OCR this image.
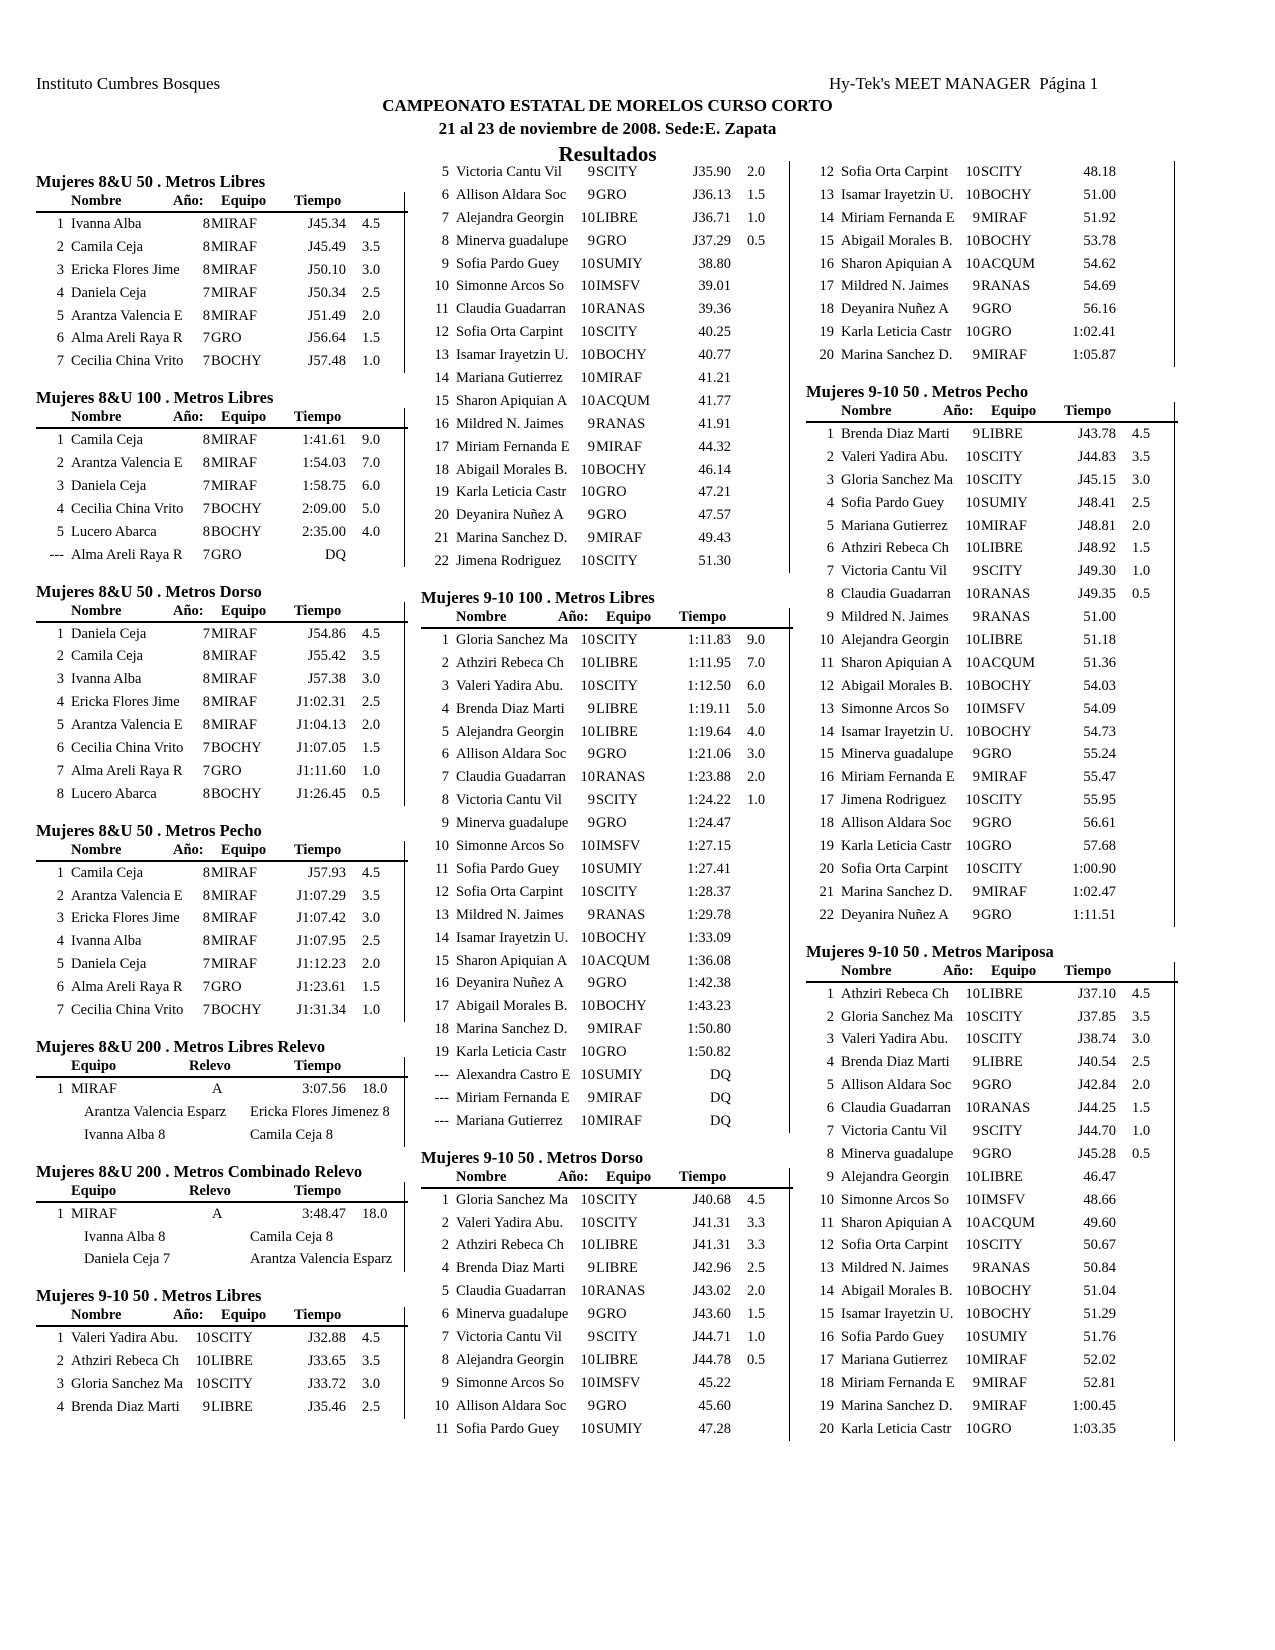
Instituto Cumbres Bosques	Hy-Tek's MEET MANAGER  Página 1
CAMPEONATO ESTATAL DE MORELOS CURSO CORTO
21 al 23 de noviembre de 2008. Sede:E. Zapata
Resultados
Mujeres 8&U 50 . Metros Libres
Nombre	Año: Equipo Tiempo
1 Ivanna Alba	8 MIRAF	J45.34 4.5
2 Camila Ceja	8 MIRAF	J45.49 3.5
3 Ericka Flores Jime	8 MIRAF	J50.10 3.0
4 Daniela Ceja	7 MIRAF	J50.34 2.5
5 Arantza Valencia E	8 MIRAF	J51.49 2.0
6 Alma Areli Raya R	7 GRO	J56.64 1.5
7 Cecilia China Vrito	7 BOCHY	J57.48 1.0
Mujeres 8&U 100 . Metros Libres
Nombre	Año: Equipo Tiempo
1 Camila Ceja	8 MIRAF	1:41.61 9.0
2 Arantza Valencia E	8 MIRAF	1:54.03 7.0
3 Daniela Ceja	7 MIRAF	1:58.75 6.0
4 Cecilia China Vrito	7 BOCHY	2:09.00 5.0
5 Lucero Abarca	8 BOCHY	2:35.00 4.0
--- Alma Areli Raya R	7 GRO	DQ
Mujeres 8&U 50 . Metros Dorso
Nombre	Año: Equipo Tiempo
1 Daniela Ceja	7 MIRAF	J54.86 4.5
2 Camila Ceja	8 MIRAF	J55.42 3.5
3 Ivanna Alba	8 MIRAF	J57.38 3.0
4 Ericka Flores Jime	8 MIRAF	J1:02.31 2.5
5 Arantza Valencia E	8 MIRAF	J1:04.13 2.0
6 Cecilia China Vrito	7 BOCHY	J1:07.05 1.5
7 Alma Areli Raya R	7 GRO	J1:11.60 1.0
8 Lucero Abarca	8 BOCHY	J1:26.45 0.5
Mujeres 8&U 50 . Metros Pecho
Nombre	Año: Equipo Tiempo
1 Camila Ceja	8 MIRAF	J57.93 4.5
2 Arantza Valencia E	8 MIRAF	J1:07.29 3.5
3 Ericka Flores Jime	8 MIRAF	J1:07.42 3.0
4 Ivanna Alba	8 MIRAF	J1:07.95 2.5
5 Daniela Ceja	7 MIRAF	J1:12.23 2.0
6 Alma Areli Raya R	7 GRO	J1:23.61 1.5
7 Cecilia China Vrito	7 BOCHY	J1:31.34 1.0
Mujeres 8&U 200 . Metros Libres Relevo
Equipo	Relevo	Tiempo
1 MIRAF	A	3:07.56 18.0
Arantza Valencia Esparz	Ericka Flores Jimenez 8
Ivanna Alba 8	Camila Ceja 8
Mujeres 8&U 200 . Metros Combinado Relevo
Equipo	Relevo	Tiempo
1 MIRAF	A	3:48.47 18.0
Ivanna Alba 8	Camila Ceja 8
Daniela Ceja 7	Arantza Valencia Esparz
Mujeres 9-10 50 . Metros Libres
Nombre	Año: Equipo Tiempo
1 Valeri Yadira Abu.	10 SCITY	J32.88 4.5
2 Athziri Rebeca Ch	10 LIBRE	J33.65 3.5
3 Gloria Sanchez Ma 10 SCITY	J33.72 3.0
4 Brenda Diaz Marti	9 LIBRE	J35.46 2.5
5 Victoria Cantu Vil	9 SCITY	J35.90 2.0
6 Allison Aldara Soc	9 GRO	J36.13 1.5
7 Alejandra Georgin	10 LIBRE	J36.71 1.0
8 Minerva guadalupe	9 GRO	J37.29 0.5
9 Sofia Pardo Guey	10 SUMIY	38.80
10 Simonne Arcos So	10 IMSFV	39.01
11 Claudia Guadarran	10 RANAS	39.36
12 Sofia Orta Carpint	10 SCITY	40.25
13 Isamar Irayetzin U. 10 BOCHY	40.77
14 Mariana Gutierrez	10 MIRAF	41.21
15 Sharon Apiquian A 10 ACQUM	41.77
16 Mildred N. Jaimes	9 RANAS	41.91
17 Miriam Fernanda E	9 MIRAF	44.32
18 Abigail Morales B. 10 BOCHY	46.14
19 Karla Leticia Castr 10 GRO	47.21
20 Deyanira Nuñez A	9 GRO	47.57
21 Marina Sanchez D.	9 MIRAF	49.43
22 Jimena Rodriguez	10 SCITY	51.30
Mujeres 9-10 100 . Metros Libres
Nombre	Año: Equipo Tiempo
1 Gloria Sanchez Ma 10 SCITY	1:11.83 9.0
2 Athziri Rebeca Ch	10 LIBRE	1:11.95 7.0
3 Valeri Yadira Abu.	10 SCITY	1:12.50 6.0
4 Brenda Diaz Marti	9 LIBRE	1:19.11 5.0
5 Alejandra Georgin	10 LIBRE	1:19.64 4.0
6 Allison Aldara Soc	9 GRO	1:21.06 3.0
7 Claudia Guadarran	10 RANAS	1:23.88 2.0
8 Victoria Cantu Vil	9 SCITY	1:24.22 1.0
9 Minerva guadalupe	9 GRO	1:24.47
10 Simonne Arcos So	10 IMSFV	1:27.15
11 Sofia Pardo Guey	10 SUMIY	1:27.41
12 Sofia Orta Carpint	10 SCITY	1:28.37
13 Mildred N. Jaimes	9 RANAS	1:29.78
14 Isamar Irayetzin U. 10 BOCHY	1:33.09
15 Sharon Apiquian A 10 ACQUM	1:36.08
16 Deyanira Nuñez A	9 GRO	1:42.38
17 Abigail Morales B. 10 BOCHY	1:43.23
18 Marina Sanchez D.	9 MIRAF	1:50.80
19 Karla Leticia Castr 10 GRO	1:50.82
--- Alexandra Castro E 10 SUMIY	DQ
--- Miriam Fernanda E	9 MIRAF	DQ
--- Mariana Gutierrez	10 MIRAF	DQ
Mujeres 9-10 50 . Metros Dorso
Nombre	Año: Equipo Tiempo
1 Gloria Sanchez Ma 10 SCITY	J40.68 4.5
2 Valeri Yadira Abu.	10 SCITY	J41.31 3.3
2 Athziri Rebeca Ch	10 LIBRE	J41.31 3.3
4 Brenda Diaz Marti	9 LIBRE	J42.96 2.5
5 Claudia Guadarran	10 RANAS	J43.02 2.0
6 Minerva guadalupe	9 GRO	J43.60 1.5
7 Victoria Cantu Vil	9 SCITY	J44.71 1.0
8 Alejandra Georgin	10 LIBRE	J44.78 0.5
9 Simonne Arcos So	10 IMSFV	45.22
10 Allison Aldara Soc	9 GRO	45.60
11 Sofia Pardo Guey	10 SUMIY	47.28
12 Sofia Orta Carpint	10 SCITY	48.18
13 Isamar Irayetzin U. 10 BOCHY	51.00
14 Miriam Fernanda E	9 MIRAF	51.92
15 Abigail Morales B. 10 BOCHY	53.78
16 Sharon Apiquian A 10 ACQUM	54.62
17 Mildred N. Jaimes	9 RANAS	54.69
18 Deyanira Nuñez A	9 GRO	56.16
19 Karla Leticia Castr 10 GRO	1:02.41
20 Marina Sanchez D.	9 MIRAF	1:05.87
Mujeres 9-10 50 . Metros Pecho
Nombre	Año: Equipo Tiempo
1 Brenda Diaz Marti	9 LIBRE	J43.78 4.5
2 Valeri Yadira Abu.	10 SCITY	J44.83 3.5
3 Gloria Sanchez Ma 10 SCITY	J45.15 3.0
4 Sofia Pardo Guey	10 SUMIY	J48.41 2.5
5 Mariana Gutierrez	10 MIRAF	J48.81 2.0
6 Athziri Rebeca Ch	10 LIBRE	J48.92 1.5
7 Victoria Cantu Vil	9 SCITY	J49.30 1.0
8 Claudia Guadarran	10 RANAS	J49.35 0.5
9 Mildred N. Jaimes	9 RANAS	51.00
10 Alejandra Georgin	10 LIBRE	51.18
11 Sharon Apiquian A 10 ACQUM	51.36
12 Abigail Morales B. 10 BOCHY	54.03
13 Simonne Arcos So	10 IMSFV	54.09
14 Isamar Irayetzin U. 10 BOCHY	54.73
15 Minerva guadalupe	9 GRO	55.24
16 Miriam Fernanda E	9 MIRAF	55.47
17 Jimena Rodriguez	10 SCITY	55.95
18 Allison Aldara Soc	9 GRO	56.61
19 Karla Leticia Castr 10 GRO	57.68
20 Sofia Orta Carpint	10 SCITY	1:00.90
21 Marina Sanchez D.	9 MIRAF	1:02.47
22 Deyanira Nuñez A	9 GRO	1:11.51
Mujeres 9-10 50 . Metros Mariposa
Nombre	Año: Equipo Tiempo
1 Athziri Rebeca Ch	10 LIBRE	J37.10 4.5
2 Gloria Sanchez Ma 10 SCITY	J37.85 3.5
3 Valeri Yadira Abu.	10 SCITY	J38.74 3.0
4 Brenda Diaz Marti	9 LIBRE	J40.54 2.5
5 Allison Aldara Soc	9 GRO	J42.84 2.0
6 Claudia Guadarran	10 RANAS	J44.25 1.5
7 Victoria Cantu Vil	9 SCITY	J44.70 1.0
8 Minerva guadalupe	9 GRO	J45.28 0.5
9 Alejandra Georgin	10 LIBRE	46.47
10 Simonne Arcos So	10 IMSFV	48.66
11 Sharon Apiquian A 10 ACQUM	49.60
12 Sofia Orta Carpint	10 SCITY	50.67
13 Mildred N. Jaimes	9 RANAS	50.84
14 Abigail Morales B. 10 BOCHY	51.04
15 Isamar Irayetzin U. 10 BOCHY	51.29
16 Sofia Pardo Guey	10 SUMIY	51.76
17 Mariana Gutierrez	10 MIRAF	52.02
18 Miriam Fernanda E	9 MIRAF	52.81
19 Marina Sanchez D.	9 MIRAF	1:00.45
20 Karla Leticia Castr 10 GRO	1:03.35
